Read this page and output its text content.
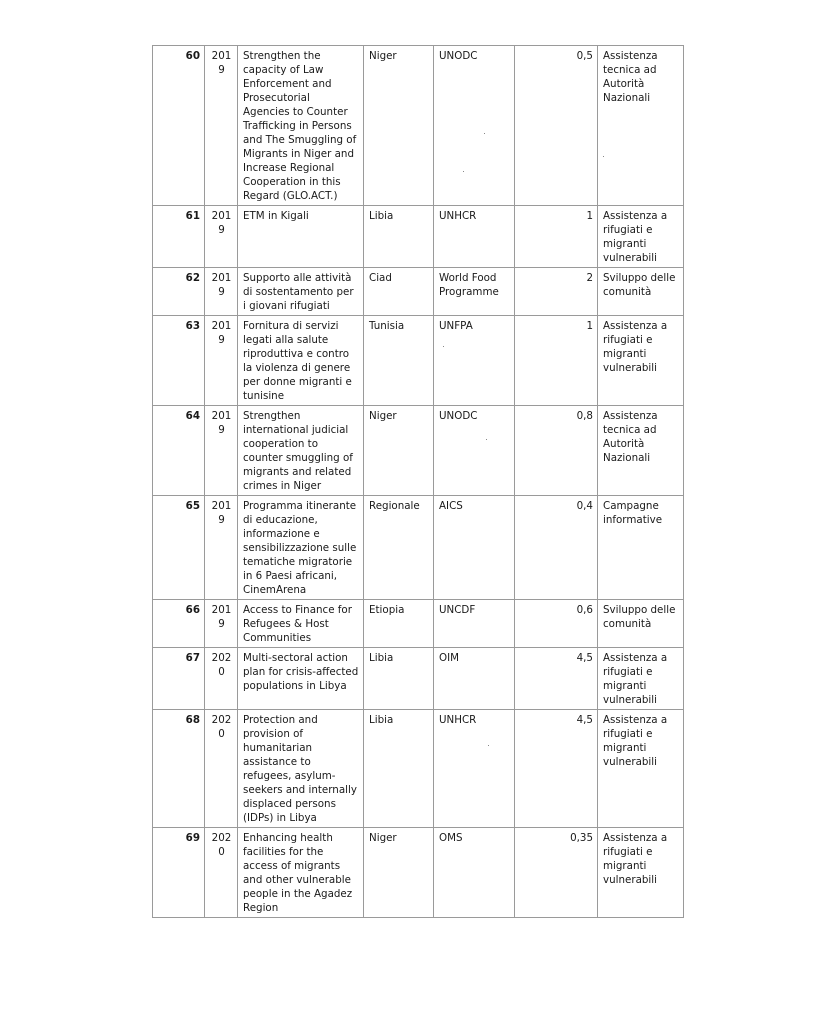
60	2019	Strengthen the capacity of Law Enforcement and Prosecutorial Agencies to Counter Trafficking in Persons and The Smuggling of Migrants in Niger and Increase Regional Cooperation in this Regard (GLO.ACT.)	Niger	UNODC	0,5	Assistenza tecnica ad Autorità Nazionali
61	2019	ETM in Kigali	Libia	UNHCR	1	Assistenza a rifugiati e migranti vulnerabili
62	2019	Supporto alle attività di sostentamento per i giovani rifugiati	Ciad	World Food Programme	2	Sviluppo delle comunità
63	2019	Fornitura di servizi legati alla salute riproduttiva e contro la violenza di genere per donne migranti e tunisine	Tunisia	UNFPA	1	Assistenza a rifugiati e migranti vulnerabili
64	2019	Strengthen international judicial cooperation to counter smuggling of migrants and related crimes in Niger	Niger	UNODC	0,8	Assistenza tecnica ad Autorità Nazionali
65	2019	Programma itinerante di educazione, informazione e sensibilizzazione sulle tematiche migratorie in 6 Paesi africani, CinemArena	Regionale	AICS	0,4	Campagne informative
66	2019	Access to Finance for Refugees & Host Communities	Etiopia	UNCDF	0,6	Sviluppo delle comunità
67	2020	Multi-sectoral action plan for crisis-affected populations in Libya	Libia	OIM	4,5	Assistenza a rifugiati e migranti vulnerabili
68	2020	Protection and provision of humanitarian assistance to refugees, asylum-seekers and internally displaced persons (IDPs) in Libya	Libia	UNHCR	4,5	Assistenza a rifugiati e migranti vulnerabili
69	2020	Enhancing health facilities for the access of migrants and other vulnerable people in the Agadez Region	Niger	OMS	0,35	Assistenza a rifugiati e migranti vulnerabili
